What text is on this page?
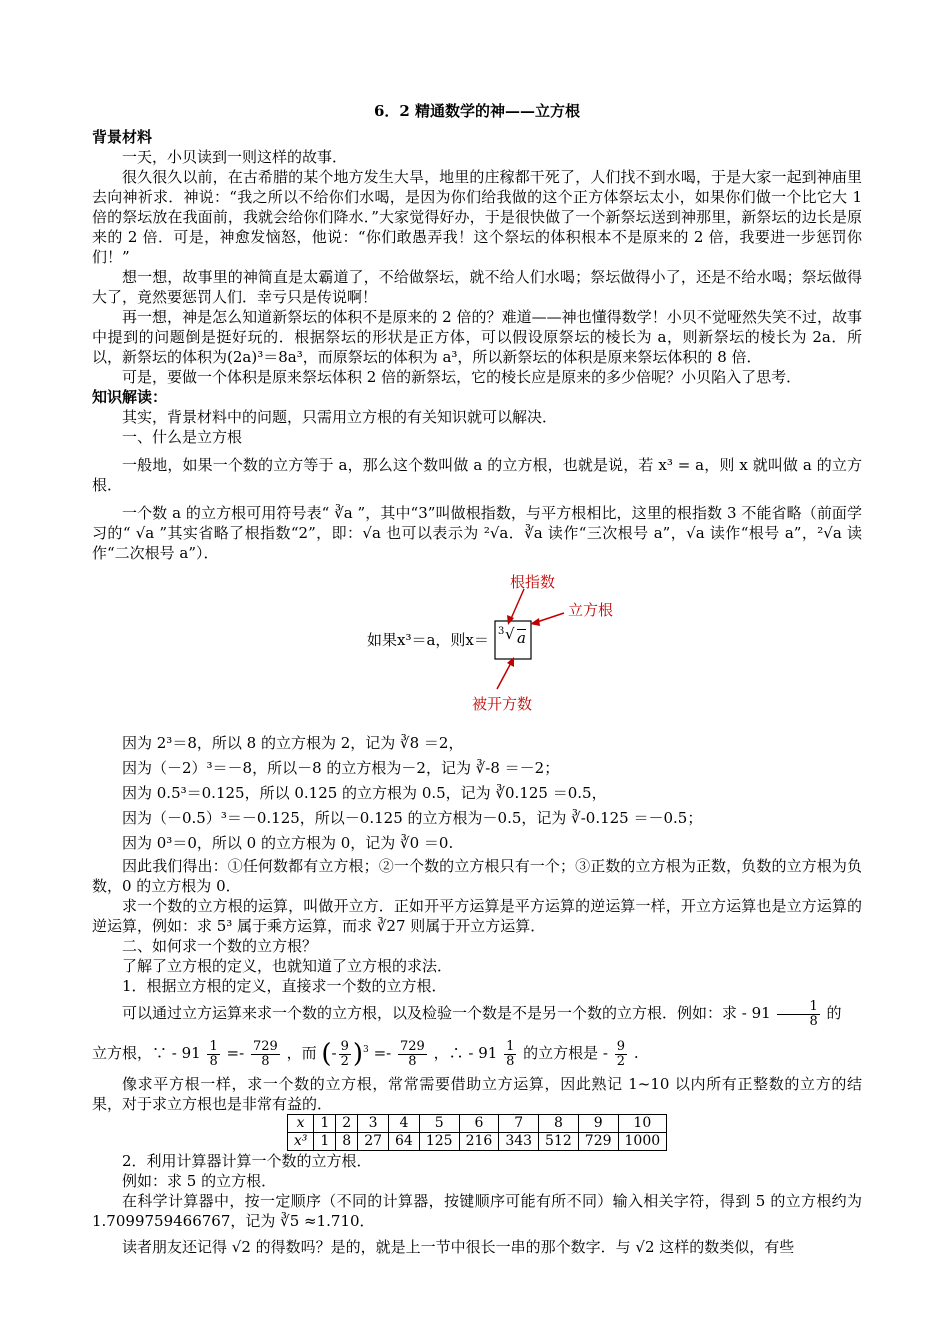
6．2 精通数学的神——立方根
背景材料

一天，小贝读到一则这样的故事．

很久很久以前，在古希腊的某个地方发生大旱，地里的庄稼都干死了，人们找不到水喝，于是大家一起到神庙里去向神祈求．神说：“我之所以不给你们水喝，是因为你们给我做的这个正方体祭坛太小，如果你们做一个比它大 1 倍的祭坛放在我面前，我就会给你们降水．”大家觉得好办，于是很快做了一个新祭坛送到神那里，新祭坛的边长是原来的 2 倍．可是，神愈发恼怒，他说：“你们敢愚弄我！这个祭坛的体积根本不是原来的 2 倍，我要进一步惩罚你们！”

想一想，故事里的神简直是太霸道了，不给做祭坛，就不给人们水喝；祭坛做得小了，还是不给水喝；祭坛做得大了，竟然要惩罚人们．幸亏只是传说啊！

再一想，神是怎么知道新祭坛的体积不是原来的 2 倍的？难道——神也懂得数学！小贝不觉哑然失笑不过，故事中提到的问题倒是挺好玩的．根据祭坛的形状是正方体，可以假设原祭坛的棱长为 a，则新祭坛的棱长为 2a．所以，新祭坛的体积为(2a)³＝8a³，而原祭坛的体积为 a³，所以新祭坛的体积是原来祭坛体积的 8 倍．

可是，要做一个体积是原来祭坛体积 2 倍的新祭坛，它的棱长应是原来的多少倍呢？小贝陷入了思考．

知识解读：

其实，背景材料中的问题，只需用立方根的有关知识就可以解决．

一、什么是立方根

一般地，如果一个数的立方等于 a，那么这个数叫做 a 的立方根，也就是说，若 x³ = a，则 x 就叫做 a 的立方根．

一个数 a 的立方根可用符号表“ ∛a ”，其中“3”叫做根指数，与平方根相比，这里的根指数 3 不能省略（前面学习的“ √a ”其实省略了根指数“2”，即：√a 也可以表示为 ²√a．∛a 读作“三次根号 a”，√a 读作“根号 a”，²√a 读作“二次根号 a”）．

根指数
立方根
被开方数
如果x³＝a，则x＝ 3 √ a

因为 2³＝8，所以 8 的立方根为 2，记为 ∛8 ＝2，

因为（－2）³＝－8，所以－8 的立方根为－2，记为 ∛-8 ＝－2；

因为 0.5³＝0.125，所以 0.125 的立方根为 0.5，记为 ∛0.125 ＝0.5，

因为（－0.5）³＝－0.125，所以－0.125 的立方根为－0.5，记为 ∛-0.125 ＝－0.5；

因为 0³＝0，所以 0 的立方根为 0，记为 ∛0 ＝0.

因此我们得出：①任何数都有立方根；②一个数的立方根只有一个；③正数的立方根为正数，负数的立方根为负数，0 的立方根为 0．

求一个数的立方根的运算，叫做开立方．正如开平方运算是平方运算的逆运算一样，开立方运算也是立方运算的逆运算，例如：求 5³ 属于乘方运算，而求 ∛27 则属于开立方运算．

二、如何求一个数的立方根？

了解了立方根的定义，也就知道了立方根的求法．

1．根据立方根的定义，直接求一个数的立方根．

可以通过立方运算来求一个数的立方根，以及检验一个数是不是另一个数的立方根．例如：求 - $91 \frac{1}{8}$ 的

立方根，∵ - $91 \frac{1}{8} =- \frac{729}{8}$ ，而 (- $\frac{9}{2} )^3 =- \frac{729}{8}$ ，∴ - $91 \frac{1}{8}$ 的立方根是 - $\frac{9}{2}$ .

像求平方根一样，求一个数的立方根，常常需要借助立方运算，因此熟记 1~10 以内所有正整数的立方的结果，对于求立方根也是非常有益的．

x	1	2	3	4	5	6	7	8	9	10
x³	1	8	27	64	125	216	343	512	729	1000

2．利用计算器计算一个数的立方根．

例如：求 5 的立方根．

在科学计算器中，按一定顺序（不同的计算器，按键顺序可能有所不同）输入相关字符，得到 5 的立方根约为 1.7099759466767，记为 ∛5 ≈1.710．

读者朋友还记得 √2 的得数吗？是的，就是上一节中很长一串的那个数字．与 √2 这样的数类似，有些
